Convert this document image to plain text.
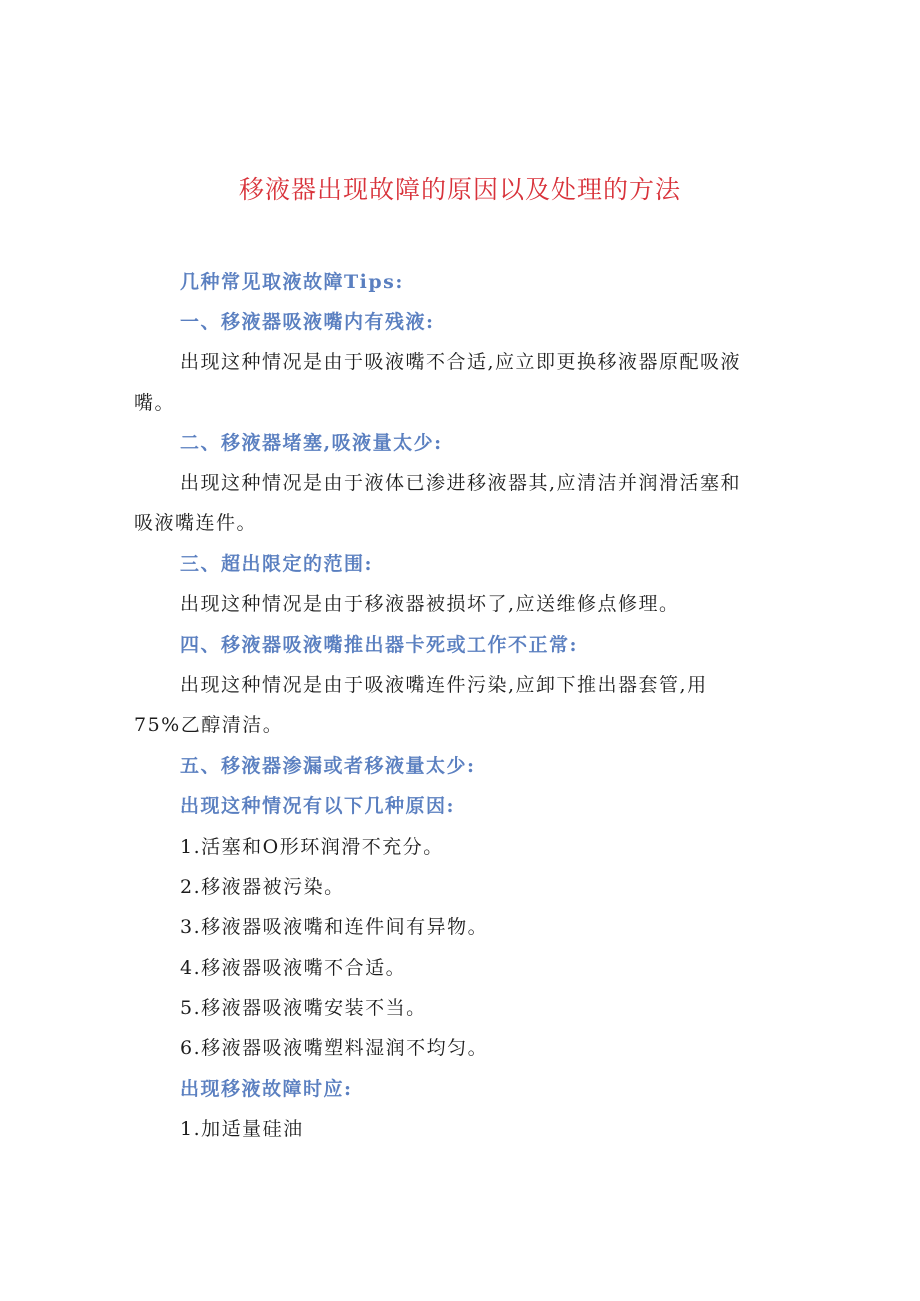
移液器出现故障的原因以及处理的方法
几种常见取液故障Tips:
一、移液器吸液嘴内有残液:
出现这种情况是由于吸液嘴不合适,应立即更换移液器原配吸液
嘴。
二、移液器堵塞,吸液量太少:
出现这种情况是由于液体已渗进移液器其,应清洁并润滑活塞和
吸液嘴连件。
三、超出限定的范围:
出现这种情况是由于移液器被损坏了,应送维修点修理。
四、移液器吸液嘴推出器卡死或工作不正常:
出现这种情况是由于吸液嘴连件污染,应卸下推出器套管,用
75%乙醇清洁。
五、移液器渗漏或者移液量太少:
出现这种情况有以下几种原因:
1.活塞和O形环润滑不充分。
2.移液器被污染。
3.移液器吸液嘴和连件间有异物。
4.移液器吸液嘴不合适。
5.移液器吸液嘴安装不当。
6.移液器吸液嘴塑料湿润不均匀。
出现移液故障时应:
1.加适量硅油
